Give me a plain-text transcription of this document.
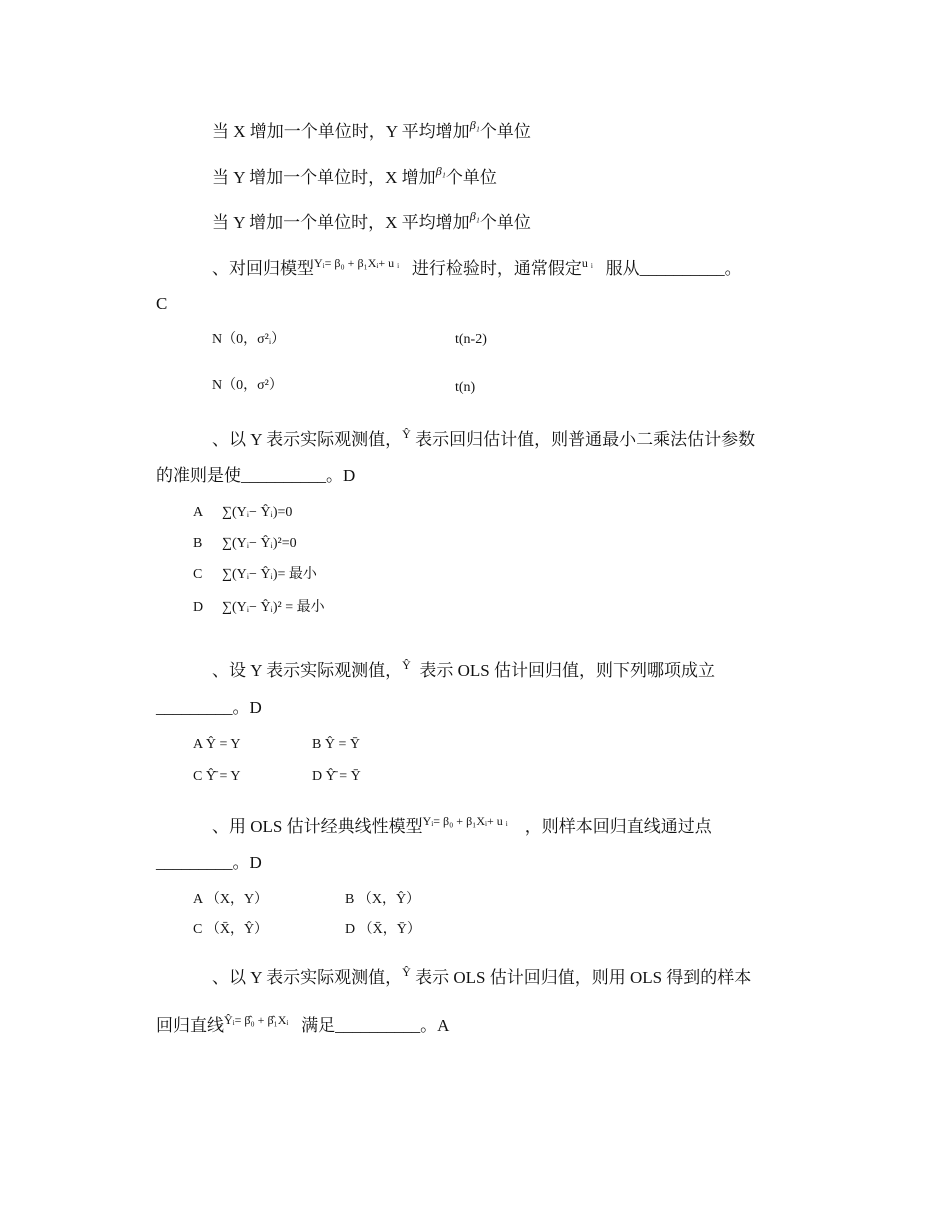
当 X 增加一个单位时，Y 平均增加$^{\beta_1}$个单位
当 Y 增加一个单位时，X 增加$^{\beta_1}$个单位
当 Y 增加一个单位时，X 平均增加$^{\beta_1}$个单位
、对回归模型$^{Yᵢ= \beta_0 + \beta_1Xᵢ+ u ᵢ}$ 进行检验时，通常假定$^{u ᵢ}$ 服从__________。
C
N（0，σ²ᵢ）	t(n-2)
N（0，σ²）	t(n)
、以 Y 表示实际观测值，$^Ŷ$ 表示回归估计值，则普通最小二乘法估计参数
的准则是使__________。D
A ∑(Yᵢ− Ŷᵢ)=0
B ∑(Yᵢ− Ŷᵢ)²=0
C ∑(Yᵢ− Ŷᵢ)= 最小
D ∑(Yᵢ− Ŷᵢ)² = 最小
、设 Y 表示实际观测值，$^Ŷ$ 表示 OLS 估计回归值，则下列哪项成立
_________。D
A Ŷ = Y	B Ŷ = Ȳ
C Ŷ̄ = Y	D Ŷ̄ = Ȳ
、用 OLS 估计经典线性模型$^{Yᵢ= \beta_0 + \beta_1Xᵢ+ u ᵢ}$ ，则样本回归直线通过点
_________。D
A （X，Y）	B （X，Ŷ）
C （X̄，Ŷ）	D （X̄，Ȳ）
、以 Y 表示实际观测值，$^Ŷ$ 表示 OLS 估计回归值，则用 OLS 得到的样本
回归直线$^{Ŷᵢ= \betâ_0 + \betâ_1Xᵢ}$ 满足__________。A
